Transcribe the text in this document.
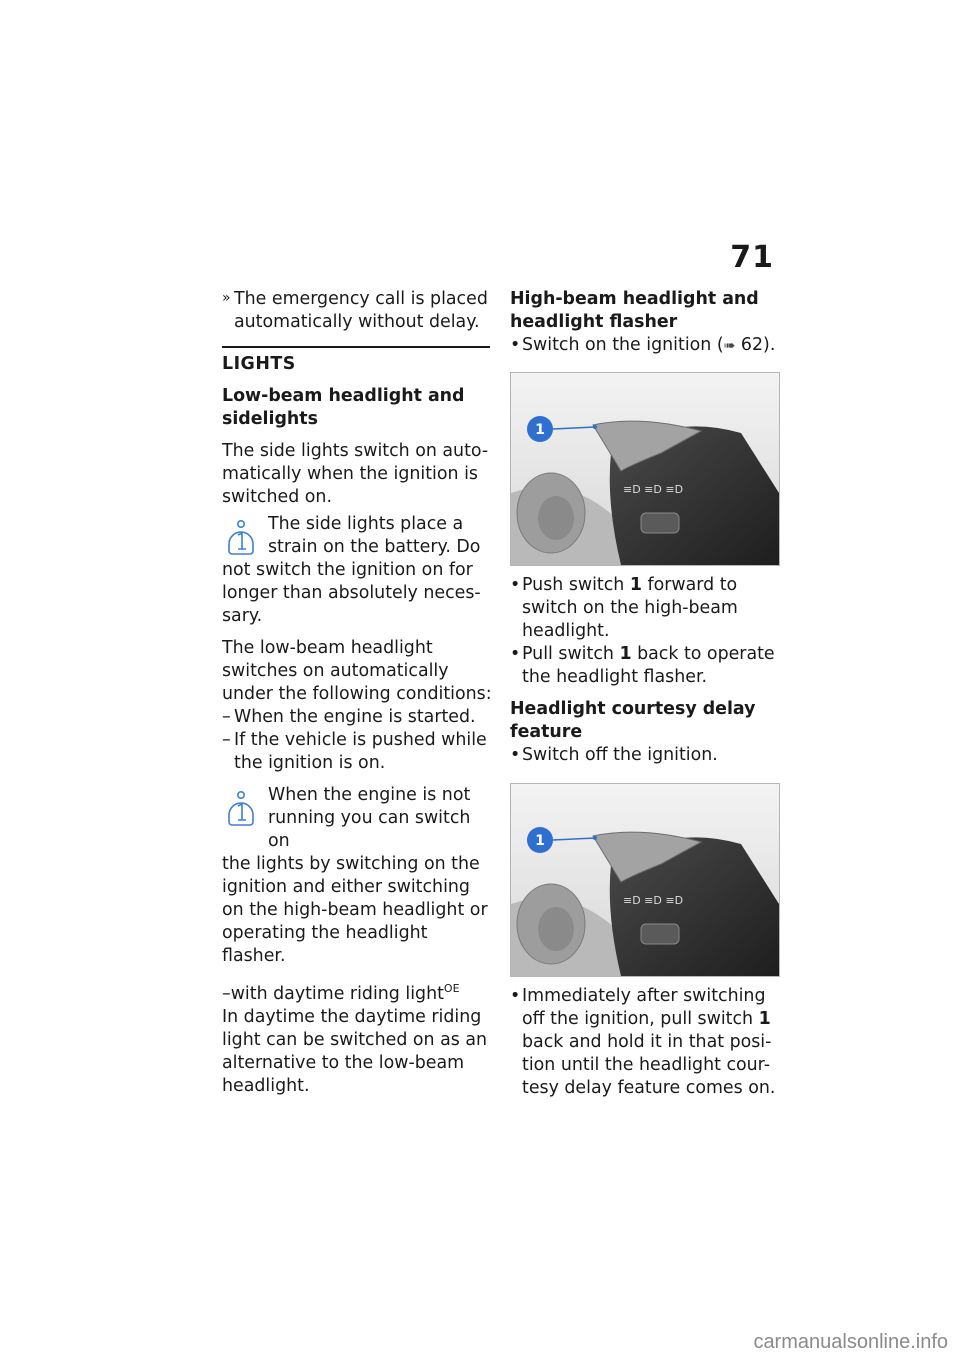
71
» The emergency call is placed automatically without delay.
LIGHTS

Low-beam headlight and sidelights

The side lights switch on auto-matically when the ignition is switched on.

The side lights place a strain on the battery. Do

not switch the ignition on for longer than absolutely neces-sary.

The low-beam headlight switches on automatically under the following conditions:

– When the engine is started.
– If the vehicle is pushed while the ignition is on.

When the engine is not running you can switch on

the lights by switching on the ignition and either switching on the high-beam headlight or operating the headlight flasher.

–with daytime riding light$^{OE}$

In daytime the daytime riding light can be switched on as an alternative to the low-beam headlight.

High-beam headlight and headlight flasher

• Switch on the ignition (➠ 62).
≡D ≡D ≡D
1
• Push switch 1 forward to switch on the high-beam headlight.
• Pull switch 1 back to operate the headlight flasher.

Headlight courtesy delay feature

• Switch off the ignition.
≡D ≡D ≡D
1
• Immediately after switching off the ignition, pull switch 1 back and hold it in that posi-tion until the headlight cour-tesy delay feature comes on.
carmanualsonline.info
